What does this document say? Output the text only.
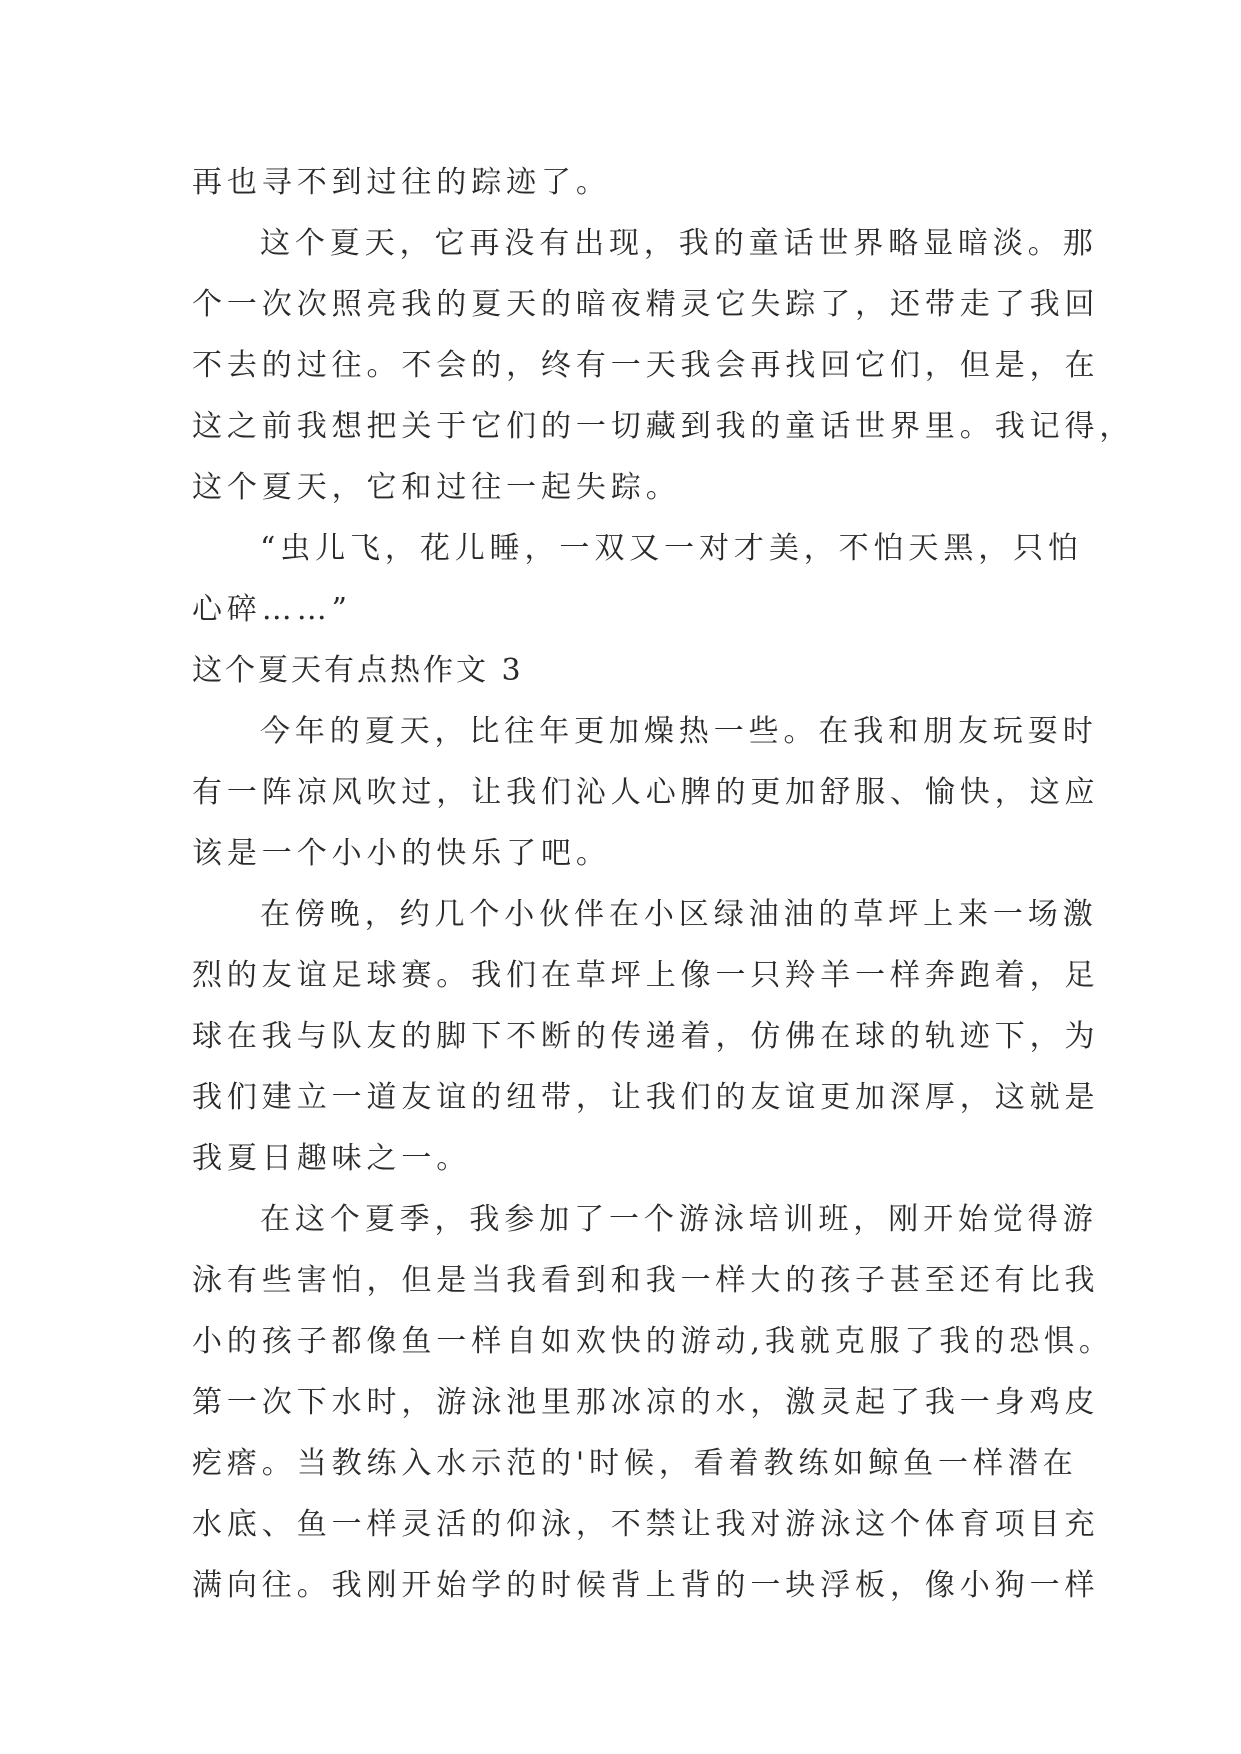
再也寻不到过往的踪迹了。
这个夏天，它再没有出现，我的童话世界略显暗淡。那
个一次次照亮我的夏天的暗夜精灵它失踪了，还带走了我回
不去的过往。不会的，终有一天我会再找回它们，但是，在
这之前我想把关于它们的一切藏到我的童话世界里。我记得，
这个夏天，它和过往一起失踪。
“虫儿飞，花儿睡，一双又一对才美，不怕天黑，只怕
心碎……”
这个夏天有点热作文 3
今年的夏天，比往年更加燥热一些。在我和朋友玩耍时
有一阵凉风吹过，让我们沁人心脾的更加舒服、愉快，这应
该是一个小小的快乐了吧。
在傍晚，约几个小伙伴在小区绿油油的草坪上来一场激
烈的友谊足球赛。我们在草坪上像一只羚羊一样奔跑着，足
球在我与队友的脚下不断的传递着，仿佛在球的轨迹下，为
我们建立一道友谊的纽带，让我们的友谊更加深厚，这就是
我夏日趣味之一。
在这个夏季，我参加了一个游泳培训班，刚开始觉得游
泳有些害怕，但是当我看到和我一样大的孩子甚至还有比我
小的孩子都像鱼一样自如欢快的游动,我就克服了我的恐惧。
第一次下水时，游泳池里那冰凉的水，激灵起了我一身鸡皮
疙瘩。当教练入水示范的'时候，看着教练如鲸鱼一样潜在
水底、鱼一样灵活的仰泳，不禁让我对游泳这个体育项目充
满向往。我刚开始学的时候背上背的一块浮板，像小狗一样
